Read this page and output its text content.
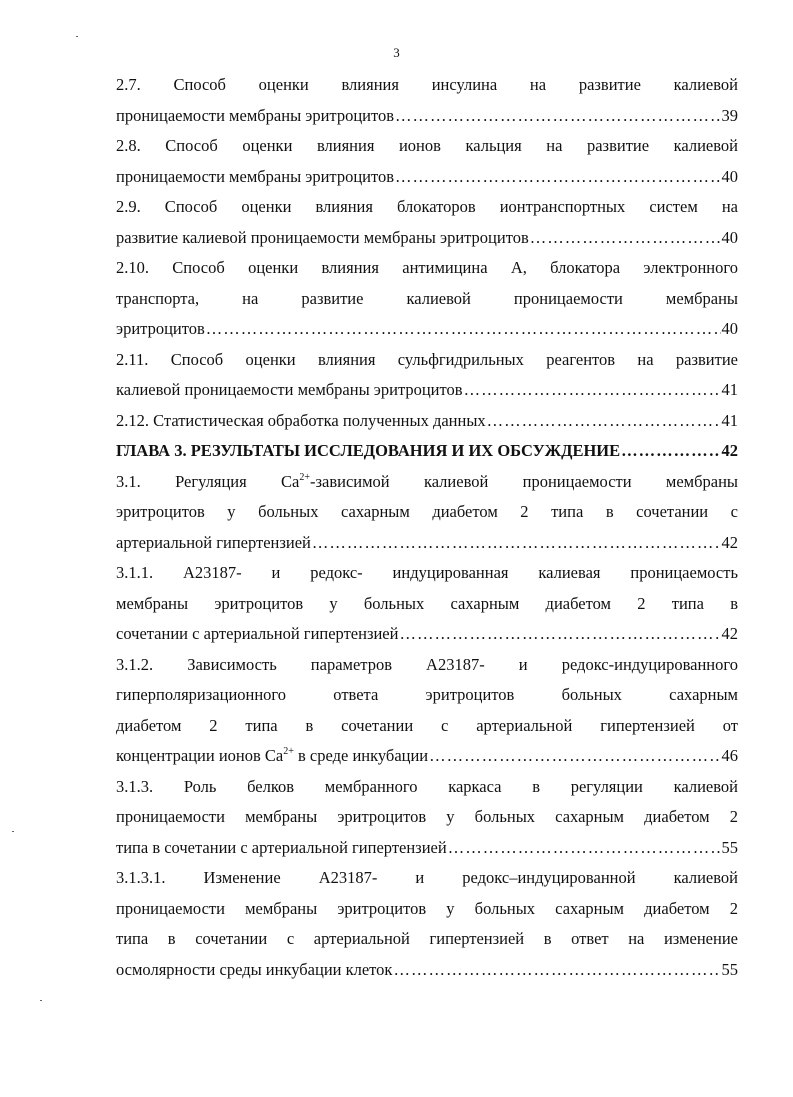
3
2.7. Способ оценки влияния инсулина на развитие калиевой
проницаемости мембраны эритроцитов ………………………………………………………………………………………………………………………………………………………	39
2.8. Способ оценки влияния ионов кальция на развитие калиевой
проницаемости мембраны эритроцитов ………………………………………………………………………………………………………………………………………………………	40
2.9. Способ оценки влияния блокаторов ионтранспортных систем на
развитие калиевой проницаемости мембраны эритроцитов ………………………………………………………………………………………………………………………………………………………	40
2.10. Способ оценки влияния антимицина А, блокатора электронного
транспорта, на развитие калиевой проницаемости мембраны
эритроцитов ………………………………………………………………………………………………………………………………………………………	40
2.11. Способ оценки влияния сульфгидрильных реагентов на развитие
калиевой проницаемости мембраны эритроцитов ………………………………………………………………………………………………………………………………………………………	41
2.12. Статистическая обработка полученных данных ………………………………………………………………………………………………………………………………………………………	41
ГЛАВА 3. РЕЗУЛЬТАТЫ ИССЛЕДОВАНИЯ И ИХ ОБСУЖДЕНИЕ ………………………………………………………………………………………………………………………………………………………	42
3.1. Регуляция $Ca^{2+}$-зависимой калиевой проницаемости мембраны
эритроцитов у больных сахарным диабетом 2 типа в сочетании с
артериальной гипертензией ………………………………………………………………………………………………………………………………………………………	42
3.1.1. А23187- и редокс- индуцированная калиевая проницаемость
мембраны эритроцитов у больных сахарным диабетом 2 типа в
сочетании с артериальной гипертензией ………………………………………………………………………………………………………………………………………………………	42
3.1.2. Зависимость параметров А23187- и редокс-индуцированного
гиперполяризационного ответа эритроцитов больных сахарным
диабетом 2 типа в сочетании с артериальной гипертензией от
концентрации ионов $Ca^{2+}$ в среде инкубации ………………………………………………………………………………………………………………………………………………………	46
3.1.3. Роль белков мембранного каркаса в регуляции калиевой
проницаемости мембраны эритроцитов у больных сахарным диабетом 2
типа в сочетании с артериальной гипертензией ………………………………………………………………………………………………………………………………………………………	55
3.1.3.1. Изменение А23187- и редокс–индуцированной калиевой
проницаемости мембраны эритроцитов у больных сахарным диабетом 2
типа в сочетании с артериальной гипертензией в ответ на изменение
осмолярности среды инкубации клеток ………………………………………………………………………………………………………………………………………………………	55
